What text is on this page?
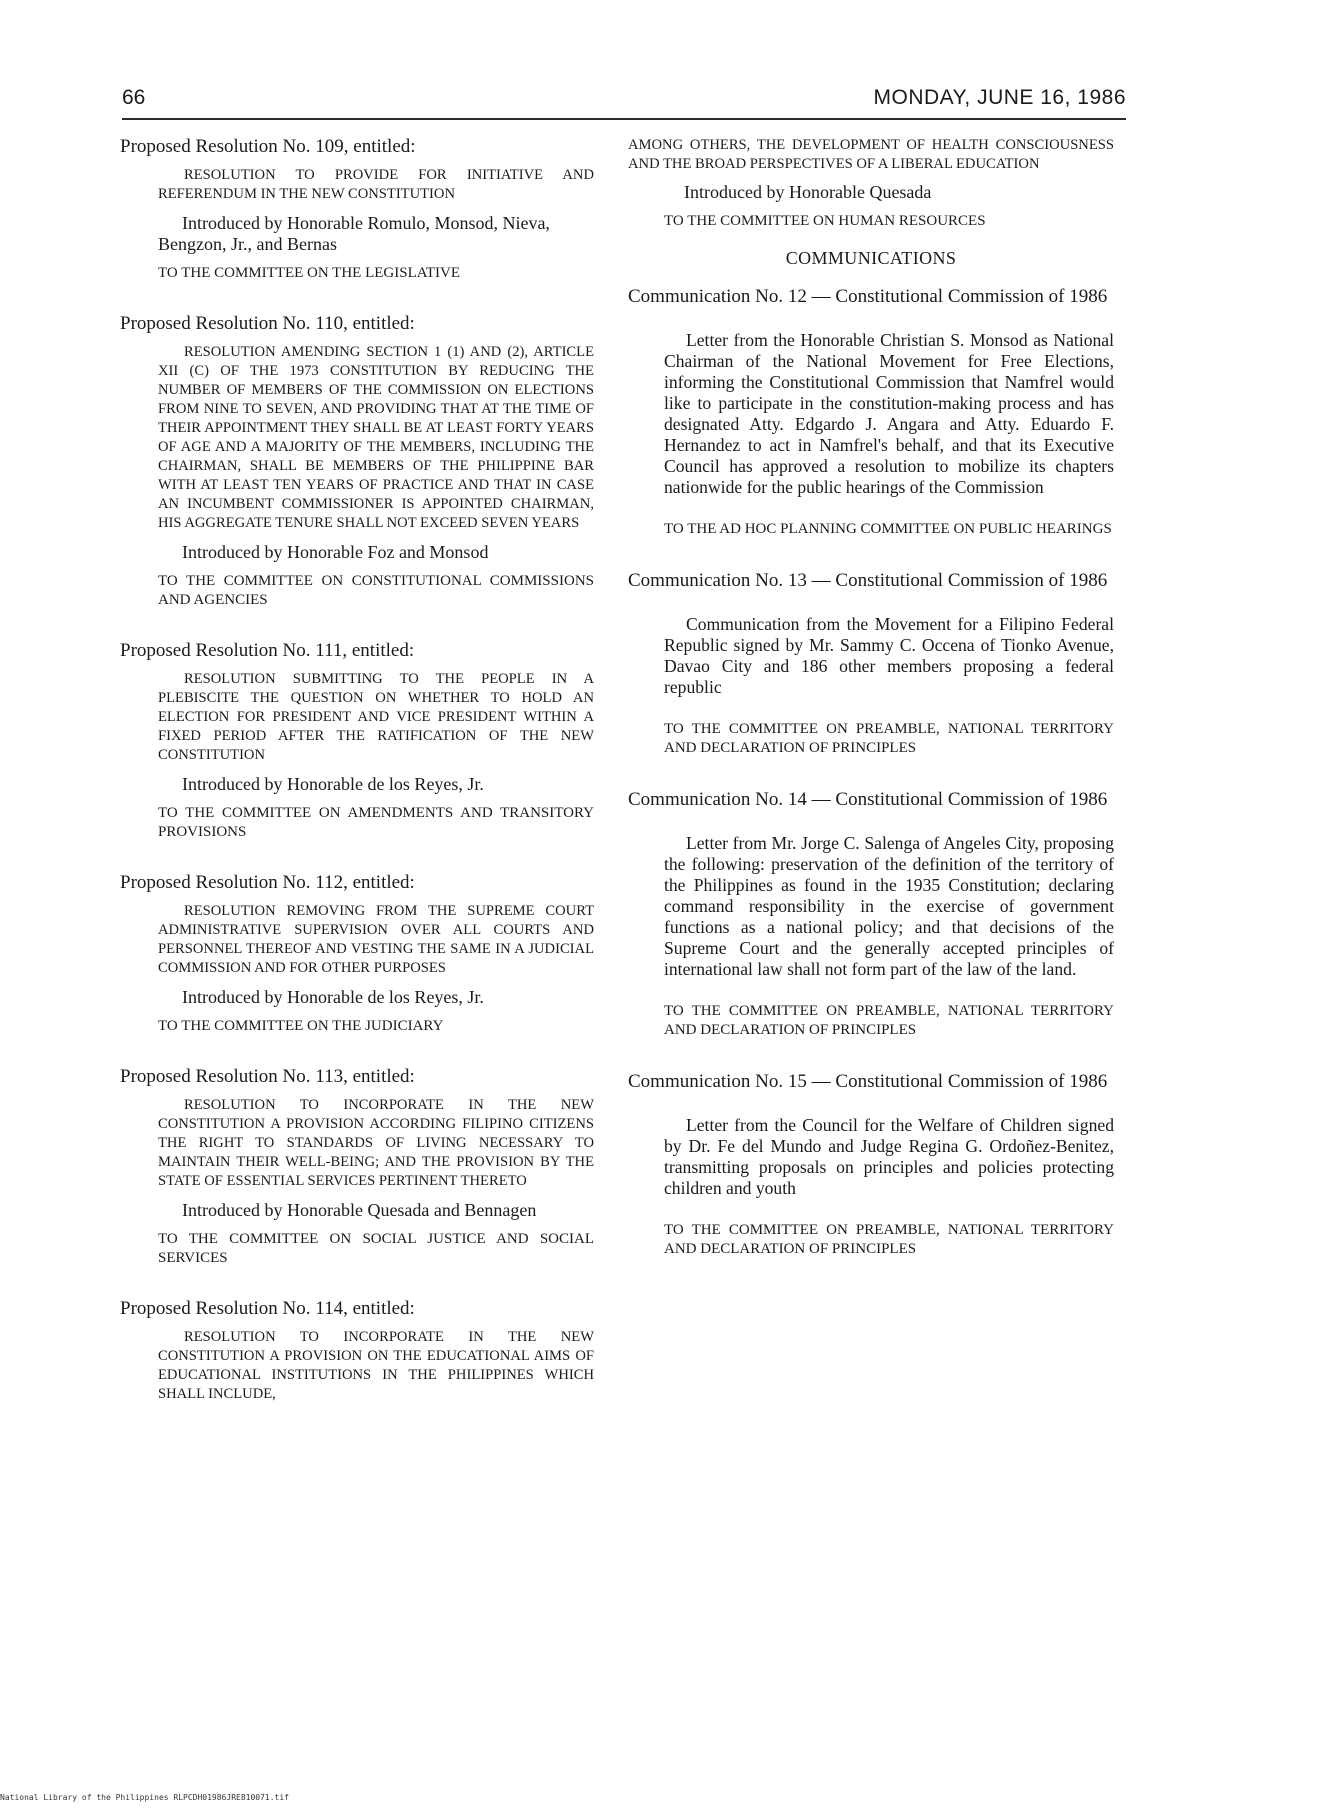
66	MONDAY, JUNE 16, 1986

Proposed Resolution No. 109, entitled:

RESOLUTION TO PROVIDE FOR INITIATIVE AND REFERENDUM IN THE NEW CONSTITUTION

Introduced by Honorable Romulo, Monsod, Nieva, Bengzon, Jr., and Bernas

TO THE COMMITTEE ON THE LEGISLATIVE

Proposed Resolution No. 110, entitled:

RESOLUTION AMENDING SECTION 1 (1) AND (2), ARTICLE XII (C) OF THE 1973 CONSTITUTION BY REDUCING THE NUMBER OF MEMBERS OF THE COMMISSION ON ELECTIONS FROM NINE TO SEVEN, AND PROVIDING THAT AT THE TIME OF THEIR APPOINTMENT THEY SHALL BE AT LEAST FORTY YEARS OF AGE AND A MAJORITY OF THE MEMBERS, INCLUDING THE CHAIRMAN, SHALL BE MEMBERS OF THE PHILIPPINE BAR WITH AT LEAST TEN YEARS OF PRACTICE AND THAT IN CASE AN INCUMBENT COMMISSIONER IS APPOINTED CHAIRMAN, HIS AGGREGATE TENURE SHALL NOT EXCEED SEVEN YEARS

Introduced by Honorable Foz and Monsod

TO THE COMMITTEE ON CONSTITUTIONAL COMMISSIONS AND AGENCIES

Proposed Resolution No. 111, entitled:

RESOLUTION SUBMITTING TO THE PEOPLE IN A PLEBISCITE THE QUESTION ON WHETHER TO HOLD AN ELECTION FOR PRESIDENT AND VICE PRESIDENT WITHIN A FIXED PERIOD AFTER THE RATIFICATION OF THE NEW CONSTITUTION

Introduced by Honorable de los Reyes, Jr.

TO THE COMMITTEE ON AMENDMENTS AND TRANSITORY PROVISIONS

Proposed Resolution No. 112, entitled:

RESOLUTION REMOVING FROM THE SUPREME COURT ADMINISTRATIVE SUPERVISION OVER ALL COURTS AND PERSONNEL THEREOF AND VESTING THE SAME IN A JUDICIAL COMMISSION AND FOR OTHER PURPOSES

Introduced by Honorable de los Reyes, Jr.

TO THE COMMITTEE ON THE JUDICIARY

Proposed Resolution No. 113, entitled:

RESOLUTION TO INCORPORATE IN THE NEW CONSTITUTION A PROVISION ACCORDING FILIPINO CITIZENS THE RIGHT TO STANDARDS OF LIVING NECESSARY TO MAINTAIN THEIR WELL-BEING; AND THE PROVISION BY THE STATE OF ESSENTIAL SERVICES PERTINENT THERETO

Introduced by Honorable Quesada and Bennagen

TO THE COMMITTEE ON SOCIAL JUSTICE AND SOCIAL SERVICES

Proposed Resolution No. 114, entitled:

RESOLUTION TO INCORPORATE IN THE NEW CONSTITUTION A PROVISION ON THE EDUCATIONAL AIMS OF EDUCATIONAL INSTITUTIONS IN THE PHILIPPINES WHICH SHALL INCLUDE,

AMONG OTHERS, THE DEVELOPMENT OF HEALTH CONSCIOUSNESS AND THE BROAD PERSPECTIVES OF A LIBERAL EDUCATION

Introduced by Honorable Quesada

TO THE COMMITTEE ON HUMAN RESOURCES

COMMUNICATIONS

Communication No. 12 — Constitutional Commission of 1986

Letter from the Honorable Christian S. Monsod as National Chairman of the National Movement for Free Elections, informing the Constitutional Commission that Namfrel would like to participate in the constitution-making process and has designated Atty. Edgardo J. Angara and Atty. Eduardo F. Hernandez to act in Namfrel's behalf, and that its Executive Council has approved a resolution to mobilize its chapters nationwide for the public hearings of the Commission

TO THE AD HOC PLANNING COMMITTEE ON PUBLIC HEARINGS

Communication No. 13 — Constitutional Commission of 1986

Communication from the Movement for a Filipino Federal Republic signed by Mr. Sammy C. Occena of Tionko Avenue, Davao City and 186 other members proposing a federal republic

TO THE COMMITTEE ON PREAMBLE, NATIONAL TERRITORY AND DECLARATION OF PRINCIPLES

Communication No. 14 — Constitutional Commission of 1986

Letter from Mr. Jorge C. Salenga of Angeles City, proposing the following: preservation of the definition of the territory of the Philippines as found in the 1935 Constitution; declaring command responsibility in the exercise of government functions as a national policy; and that decisions of the Supreme Court and the generally accepted principles of international law shall not form part of the law of the land.

TO THE COMMITTEE ON PREAMBLE, NATIONAL TERRITORY AND DECLARATION OF PRINCIPLES

Communication No. 15 — Constitutional Commission of 1986

Letter from the Council for the Welfare of Children signed by Dr. Fe del Mundo and Judge Regina G. Ordoñez-Benitez, transmitting proposals on principles and policies protecting children and youth

TO THE COMMITTEE ON PREAMBLE, NATIONAL TERRITORY AND DECLARATION OF PRINCIPLES

National Library of the Philippines RLPCDH01986JRE810071.tif
